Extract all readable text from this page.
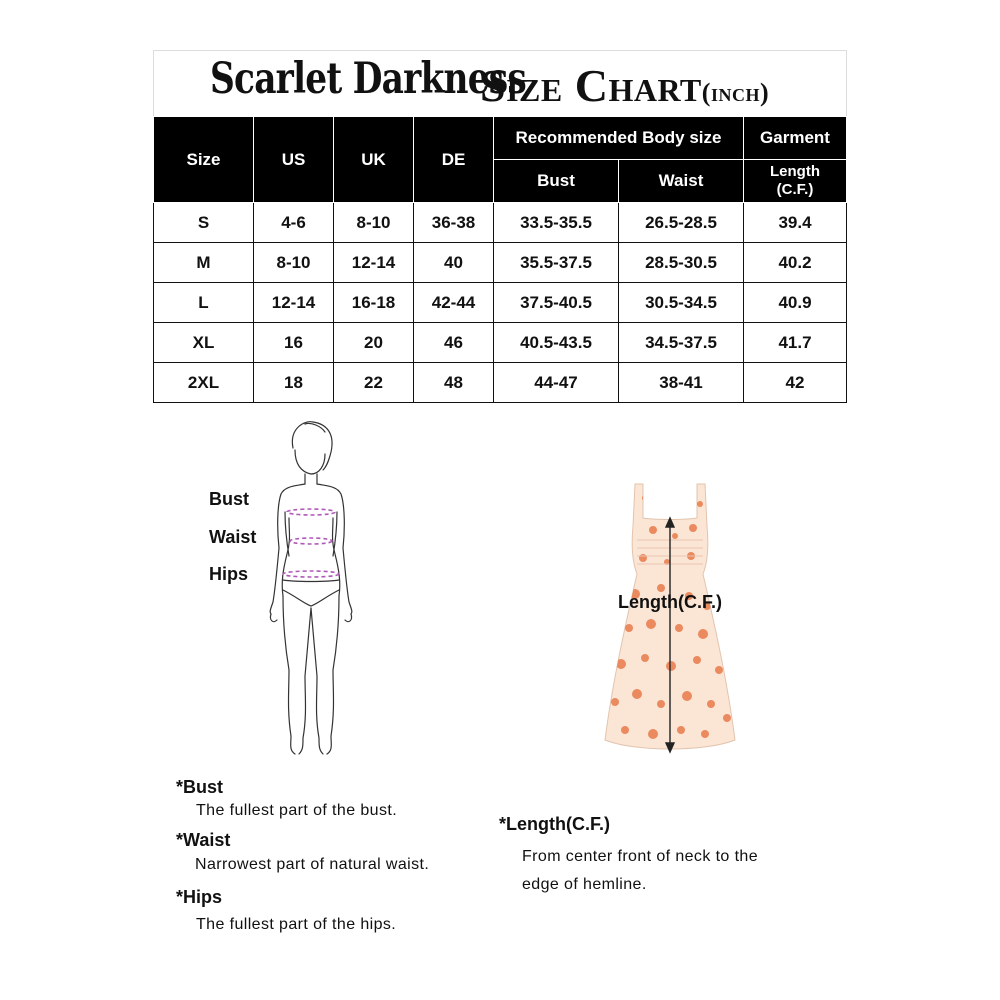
Scarlet Darkness
Size Chart(inch)
Size	US	UK	DE	Recommended Body size		Garment
				Bust	Waist	Length
(C.F.)
S	4-6	8-10	36-38	33.5-35.5	26.5-28.5	39.4
M	8-10	12-14	40	35.5-37.5	28.5-30.5	40.2
L	12-14	16-18	42-44	37.5-40.5	30.5-34.5	40.9
XL	16	20	46	40.5-43.5	34.5-37.5	41.7
2XL	18	22	48	44-47	38-41	42
Bust
Waist
Hips
Length(C.F.)
*Bust
The fullest part of the bust.
*Waist
Narrowest part of natural waist.
*Hips
The fullest part of the hips.
*Length(C.F.)
From center front of neck to the
edge of hemline.
